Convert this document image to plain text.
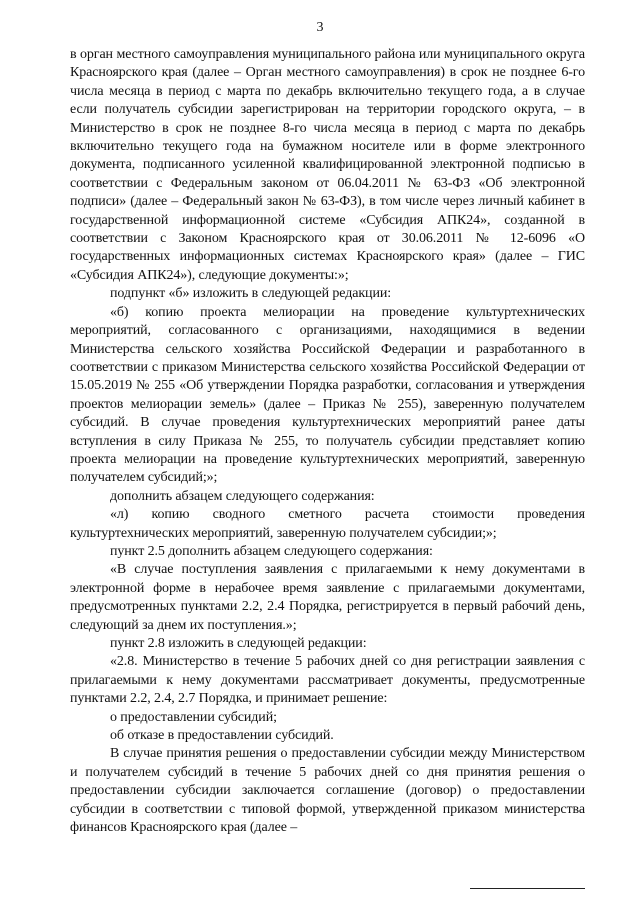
3

в орган местного самоуправления муниципального района или муниципального округа Красноярского края (далее – Орган местного самоуправления) в срок не позднее 6-го числа месяца в период с марта по декабрь включительно текущего года, а в случае если получатель субсидии зарегистрирован на территории городского округа, – в Министерство в срок не позднее 8-го числа месяца в период с марта по декабрь включительно текущего года на бумажном носителе или в форме электронного документа, подписанного усиленной квалифицированной электронной подписью в соответствии с Федеральным законом от 06.04.2011 № 63-ФЗ «Об электронной подписи» (далее – Федеральный закон № 63-ФЗ), в том числе через личный кабинет в государственной информационной системе «Субсидия АПК24», созданной в соответствии с Законом Красноярского края от 30.06.2011 № 12-6096 «О государственных информационных системах Красноярского края» (далее – ГИС «Субсидия АПК24»), следующие документы:»;

подпункт «б» изложить в следующей редакции:

«б) копию проекта мелиорации на проведение культуртехнических мероприятий, согласованного с организациями, находящимися в ведении Министерства сельского хозяйства Российской Федерации и разработанного в соответствии с приказом Министерства сельского хозяйства Российской Федерации от 15.05.2019 № 255 «Об утверждении Порядка разработки, согласования и утверждения проектов мелиорации земель» (далее – Приказ № 255), заверенную получателем субсидий. В случае проведения культуртехнических мероприятий ранее даты вступления в силу Приказа № 255, то получатель субсидии представляет копию проекта мелиорации на проведение культуртехнических мероприятий, заверенную получателем субсидий;»;

дополнить абзацем следующего содержания:

«л) копию сводного сметного расчета стоимости проведения культуртехнических мероприятий, заверенную получателем субсидии;»;

пункт 2.5 дополнить абзацем следующего содержания:

«В случае поступления заявления с прилагаемыми к нему документами в электронной форме в нерабочее время заявление с прилагаемыми документами, предусмотренных пунктами 2.2, 2.4 Порядка, регистрируется в первый рабочий день, следующий за днем их поступления.»;

пункт 2.8 изложить в следующей редакции:

«2.8. Министерство в течение 5 рабочих дней со дня регистрации заявления с прилагаемыми к нему документами рассматривает документы, предусмотренные пунктами 2.2, 2.4, 2.7 Порядка, и принимает решение:

о предоставлении субсидий;

об отказе в предоставлении субсидий.

В случае принятия решения о предоставлении субсидии между Министерством и получателем субсидий в течение 5 рабочих дней со дня принятия решения о предоставлении субсидии заключается соглашение (договор) о предоставлении субсидии в соответствии с типовой формой, утвержденной приказом министерства финансов Красноярского края (далее –
